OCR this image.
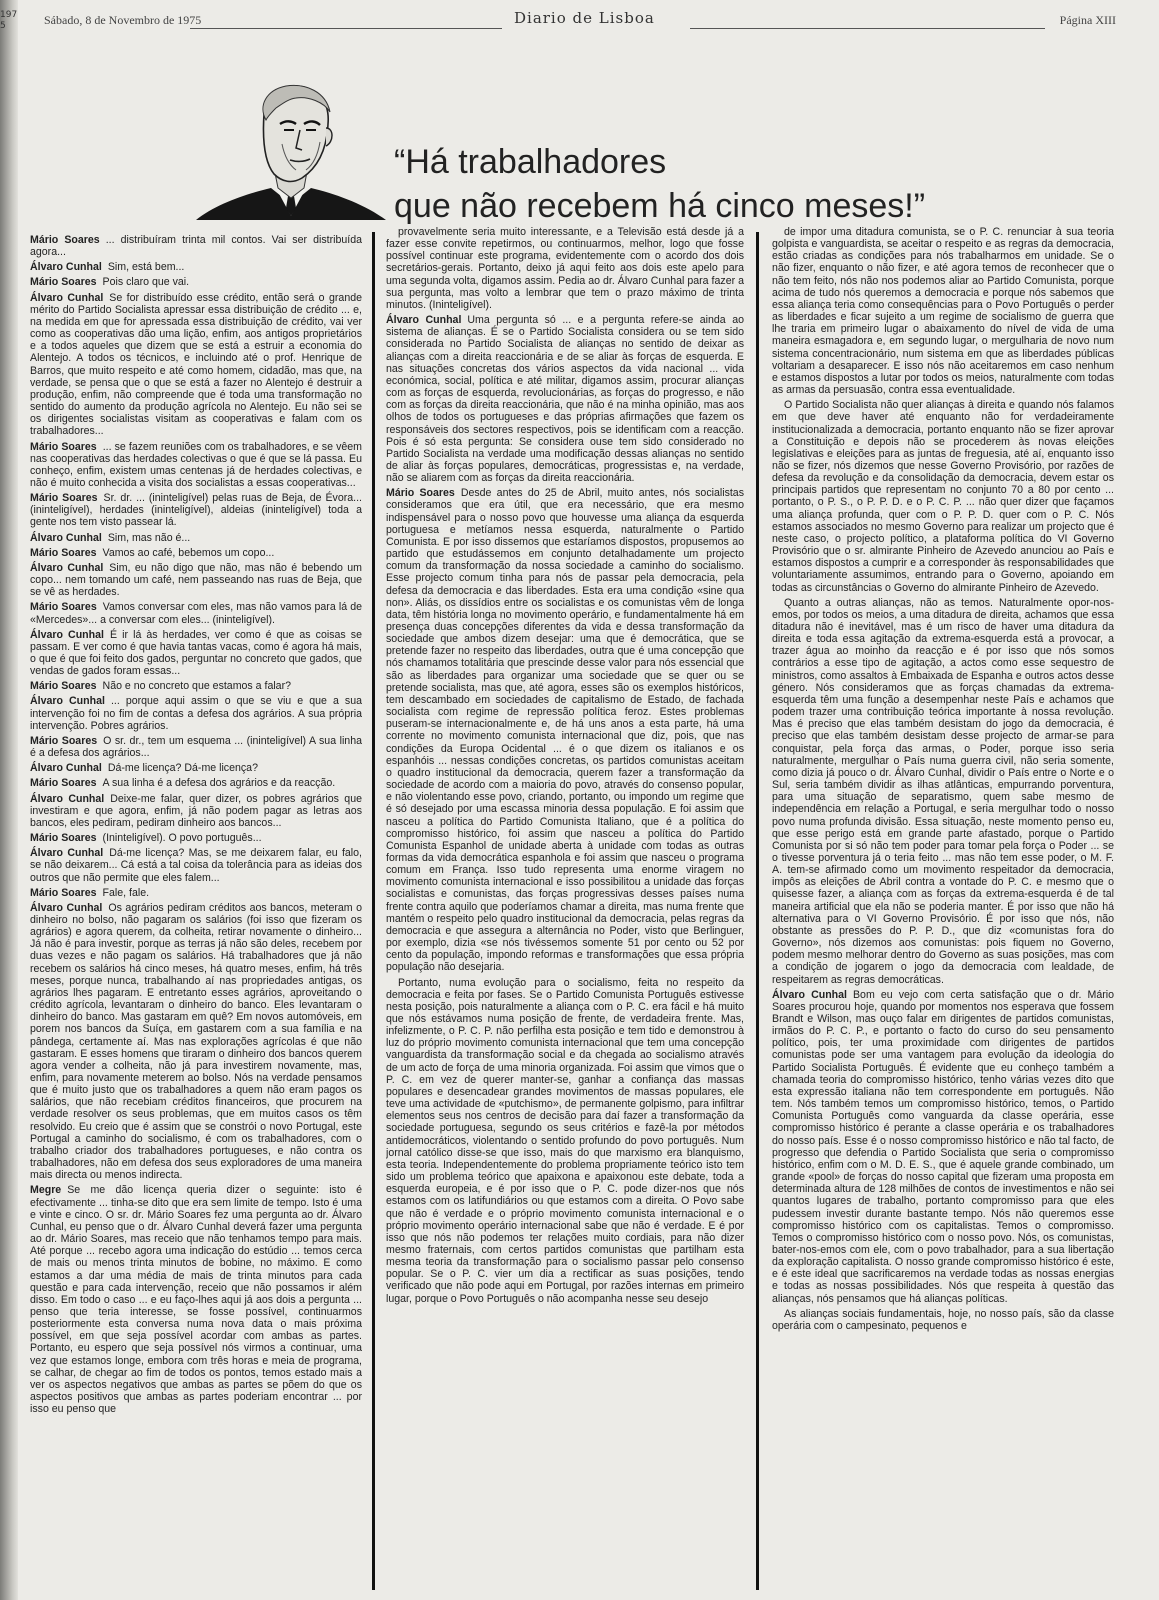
1975	Sábado, 8 de Novembro de 1975	Diario de Lisboa	Página XIII
“Há trabalhadores
que não recebem há cinco meses!”

Mário Soares ... distribuíram trinta mil contos. Vai ser distribuída agora...

Álvaro Cunhal Sim, está bem...

Mário Soares Pois claro que vai.

Álvaro Cunhal Se for distribuído esse crédito, então será o grande mérito do Partido Socialista apressar essa distribuição de crédito ... e, na medida em que for apressada essa distribuição de crédito, vai ver como as cooperativas dão uma lição, enfim, aos antigos proprietários e a todos aqueles que dizem que se está a estruir a economia do Alentejo. A todos os técnicos, e incluindo até o prof. Henrique de Barros, que muito respeito e até como homem, cidadão, mas que, na verdade, se pensa que o que se está a fazer no Alentejo é destruir a produção, enfim, não compreende que é toda uma transformação no sentido do aumento da produção agrícola no Alentejo. Eu não sei se os dirigentes socialistas visitam as cooperativas e falam com os trabalhadores...

Mário Soares ... se fazem reuniões com os trabalhadores, e se vêem nas cooperativas das herdades colectivas o que é que se lá passa. Eu conheço, enfim, existem umas centenas já de herdades colectivas, e não é muito conhecida a visita dos socialistas a essas cooperativas...

Mário Soares Sr. dr. ... (ininteligível) pelas ruas de Beja, de Évora... (ininteligível), herdades (ininteligível), aldeias (ininteligível) toda a gente nos tem visto passear lá.

Álvaro Cunhal Sim, mas não é...

Mário Soares Vamos ao café, bebemos um copo...

Álvaro Cunhal Sim, eu não digo que não, mas não é bebendo um copo... nem tomando um café, nem passeando nas ruas de Beja, que se vê as herdades.

Mário Soares Vamos conversar com eles, mas não vamos para lá de «Mercedes»... a conversar com eles... (ininteligível).

Álvaro Cunhal É ir lá às herdades, ver como é que as coisas se passam. E ver como é que havia tantas vacas, como é agora há mais, o que é que foi feito dos gados, perguntar no concreto que gados, que vendas de gados foram essas...

Mário Soares Não e no concreto que estamos a falar?

Álvaro Cunhal ... porque aqui assim o que se viu e que a sua intervenção foi no fim de contas a defesa dos agrários. A sua própria intervenção. Pobres agrários.

Mário Soares O sr. dr., tem um esquema ... (ininteligível) A sua linha é a defesa dos agrários...

Álvaro Cunhal Dá-me licença? Dá-me licença?

Mário Soares A sua linha é a defesa dos agrários e da reacção.

Álvaro Cunhal Deixe-me falar, quer dizer, os pobres agrários que investiram e que agora, enfim, já não podem pagar as letras aos bancos, eles pediram, pediram dinheiro aos bancos...

Mário Soares (Ininteligível). O povo português...

Álvaro Cunhal Dá-me licença? Mas, se me deixarem falar, eu falo, se não deixarem... Cá está a tal coisa da tolerância para as ideias dos outros que não permite que eles falem...

Mário Soares Fale, fale.

Álvaro Cunhal Os agrários pediram créditos aos bancos, meteram o dinheiro no bolso, não pagaram os salários (foi isso que fizeram os agrários) e agora querem, da colheita, retirar novamente o dinheiro... Já não é para investir, porque as terras já não são deles, recebem por duas vezes e não pagam os salários. Há trabalhadores que já não recebem os salários há cinco meses, há quatro meses, enfim, há três meses, porque nunca, trabalhando aí nas propriedades antigas, os agrários lhes pagaram. E entretanto esses agrários, aproveitando o crédito agrícola, levantaram o dinheiro do banco. Eles levantaram o dinheiro do banco. Mas gastaram em quê? Em novos automóveis, em porem nos bancos da Suíça, em gastarem com a sua família e na pândega, certamente aí. Mas nas explorações agrícolas é que não gastaram. E esses homens que tiraram o dinheiro dos bancos querem agora vender a colheita, não já para investirem novamente, mas, enfim, para novamente meterem ao bolso. Nós na verdade pensamos que é muito justo que os trabalhadores a quem não eram pagos os salários, que não recebiam créditos financeiros, que procurem na verdade resolver os seus problemas, que em muitos casos os têm resolvido. Eu creio que é assim que se constrói o novo Portugal, este Portugal a caminho do socialismo, é com os trabalhadores, com o trabalho criador dos trabalhadores portugueses, e não contra os trabalhadores, não em defesa dos seus exploradores de uma maneira mais directa ou menos indirecta.

Megre Se me dão licença queria dizer o seguinte: isto é efectivamente ... tinha-se dito que era sem limite de tempo. Isto é uma e vinte e cinco. O sr. dr. Mário Soares fez uma pergunta ao dr. Álvaro Cunhal, eu penso que o dr. Álvaro Cunhal deverá fazer uma pergunta ao dr. Mário Soares, mas receio que não tenhamos tempo para mais. Até porque ... recebo agora uma indicação do estúdio ... temos cerca de mais ou menos trinta minutos de bobine, no máximo. E como estamos a dar uma média de mais de trinta minutos para cada questão e para cada intervenção, receio que não possamos ir além disso. Em todo o caso ... e eu faço-lhes aqui já aos dois a pergunta ... penso que teria interesse, se fosse possível, continuarmos posteriormente esta conversa numa nova data o mais próxima possível, em que seja possível acordar com ambas as partes. Portanto, eu espero que seja possível nós virmos a continuar, uma vez que estamos longe, embora com três horas e meia de programa, se calhar, de chegar ao fim de todos os pontos, temos estado mais a ver os aspectos negativos que ambas as partes se põem do que os aspectos positivos que ambas as partes poderiam encontrar ... por isso eu penso que

provavelmente seria muito interessante, e a Televisão está desde já a fazer esse convite repetirmos, ou continuarmos, melhor, logo que fosse possível continuar este programa, evidentemente com o acordo dos dois secretários-gerais. Portanto, deixo já aqui feito aos dois este apelo para uma segunda volta, digamos assim. Pedia ao dr. Álvaro Cunhal para fazer a sua pergunta, mas volto a lembrar que tem o prazo máximo de trinta minutos. (Ininteligível).

Álvaro Cunhal Uma pergunta só ... e a pergunta refere-se ainda ao sistema de alianças. É se o Partido Socialista considera ou se tem sido considerada no Partido Socialista de alianças no sentido de deixar as alianças com a direita reaccionária e de se aliar às forças de esquerda. E nas situações concretas dos vários aspectos da vida nacional ... vida económica, social, política e até militar, digamos assim, procurar alianças com as forças de esquerda, revolucionárias, as forças do progresso, e não com as forças da direita reaccionária, que não é na minha opinião, mas aos olhos de todos os portugueses e das próprias afirmações que fazem os responsáveis dos sectores respectivos, pois se identificam com a reacção. Pois é só esta pergunta: Se considera ouse tem sido considerado no Partido Socialista na verdade uma modificação dessas alianças no sentido de aliar às forças populares, democráticas, progressistas e, na verdade, não se aliarem com as forças da direita reaccionária.

Mário Soares Desde antes do 25 de Abril, muito antes, nós socialistas consideramos que era útil, que era necessário, que era mesmo indispensável para o nosso povo que houvesse uma aliança da esquerda portuguesa e metíamos nessa esquerda, naturalmente o Partido Comunista. E por isso dissemos que estaríamos dispostos, propusemos ao partido que estudássemos em conjunto detalhadamente um projecto comum da transformação da nossa sociedade a caminho do socialismo. Esse projecto comum tinha para nós de passar pela democracia, pela defesa da democracia e das liberdades. Esta era uma condição «sine qua non». Aliás, os dissídios entre os socialistas e os comunistas vêm de longa data, têm história longa no movimento operário, e fundamentalmente há em presença duas concepções diferentes da vida e dessa transformação da sociedade que ambos dizem desejar: uma que é democrática, que se pretende fazer no respeito das liberdades, outra que é uma concepção que nós chamamos totalitária que prescinde desse valor para nós essencial que são as liberdades para organizar uma sociedade que se quer ou se pretende socialista, mas que, até agora, esses são os exemplos históricos, tem descambado em sociedades de capitalismo de Estado, de fachada socialista com regime de repressão política feroz. Estes problemas puseram-se internacionalmente e, de há uns anos a esta parte, há uma corrente no movimento comunista internacional que diz, pois, que nas condições da Europa Ocidental ... é o que dizem os italianos e os espanhóis ... nessas condições concretas, os partidos comunistas aceitam o quadro institucional da democracia, querem fazer a transformação da sociedade de acordo com a maioria do povo, através do consenso popular, e não violentando esse povo, criando, portanto, ou impondo um regime que é só desejado por uma escassa minoria dessa população. E foi assim que nasceu a política do Partido Comunista Italiano, que é a política do compromisso histórico, foi assim que nasceu a política do Partido Comunista Espanhol de unidade aberta à unidade com todas as outras formas da vida democrática espanhola e foi assim que nasceu o programa comum em França. Isso tudo representa uma enorme viragem no movimento comunista internacional e isso possibilitou a unidade das forças socialistas e comunistas, das forças progressivas desses países numa frente contra aquilo que poderíamos chamar a direita, mas numa frente que mantém o respeito pelo quadro institucional da democracia, pelas regras da democracia e que assegura a alternância no Poder, visto que Berlinguer, por exemplo, dizia «se nós tivéssemos somente 51 por cento ou 52 por cento da população, impondo reformas e transformações que essa própria população não desejaria.

Portanto, numa evolução para o socialismo, feita no respeito da democracia e feita por fases. Se o Partido Comunista Português estivesse nesta posição, pois naturalmente a aliança com o P. C. era fácil e há muito que nós estávamos numa posição de frente, de verdadeira frente. Mas, infelizmente, o P. C. P. não perfilha esta posição e tem tido e demonstrou à luz do próprio movimento comunista internacional que tem uma concepção vanguardista da transformação social e da chegada ao socialismo através de um acto de força de uma minoria organizada. Foi assim que vimos que o P. C. em vez de querer manter-se, ganhar a confiança das massas populares e desencadear grandes movimentos de massas populares, ele teve uma actividade de «putchismo», de permanente golpismo, para infiltrar elementos seus nos centros de decisão para daí fazer a transformação da sociedade portuguesa, segundo os seus critérios e fazê-la por métodos antidemocráticos, violentando o sentido profundo do povo português. Num jornal católico disse-se que isso, mais do que marxismo era blanquismo, esta teoria. Independentemente do problema propriamente teórico isto tem sido um problema teórico que apaixona e apaixonou este debate, toda a esquerda europeia, e é por isso que o P. C. pode dizer-nos que nós estamos com os latifundiários ou que estamos com a direita. O Povo sabe que não é verdade e o próprio movimento comunista internacional e o próprio movimento operário internacional sabe que não é verdade. E é por isso que nós não podemos ter relações muito cordiais, para não dizer mesmo fraternais, com certos partidos comunistas que partilham esta mesma teoria da transformação para o socialismo passar pelo consenso popular. Se o P. C. vier um dia a rectificar as suas posições, tendo verificado que não pode aqui em Portugal, por razões internas em primeiro lugar, porque o Povo Português o não acompanha nesse seu desejo

de impor uma ditadura comunista, se o P. C. renunciar à sua teoria golpista e vanguardista, se aceitar o respeito e as regras da democracia, estão criadas as condições para nós trabalharmos em unidade. Se o não fizer, enquanto o não fizer, e até agora temos de reconhecer que o não tem feito, nós não nos podemos aliar ao Partido Comunista, porque acima de tudo nós queremos a democracia e porque nós sabemos que essa aliança teria como consequências para o Povo Português o perder as liberdades e ficar sujeito a um regime de socialismo de guerra que lhe traria em primeiro lugar o abaixamento do nível de vida de uma maneira esmagadora e, em segundo lugar, o mergulharia de novo num sistema concentracionário, num sistema em que as liberdades públicas voltariam a desaparecer. E isso nós não aceitaremos em caso nenhum e estamos dispostos a lutar por todos os meios, naturalmente com todas as armas da persuasão, contra essa eventualidade.

O Partido Socialista não quer alianças à direita e quando nós falamos em que deve haver até enquanto não for verdadeiramente institucionalizada a democracia, portanto enquanto não se fizer aprovar a Constituição e depois não se procederem às novas eleições legislativas e eleições para as juntas de freguesia, até aí, enquanto isso não se fizer, nós dizemos que nesse Governo Provisório, por razões de defesa da revolução e da consolidação da democracia, devem estar os principais partidos que representam no conjunto 70 a 80 por cento ... portanto, o P. S., o P. P. D. e o P. C. P. ... não quer dizer que façamos uma aliança profunda, quer com o P. P. D. quer com o P. C. Nós estamos associados no mesmo Governo para realizar um projecto que é neste caso, o projecto político, a plataforma política do VI Governo Provisório que o sr. almirante Pinheiro de Azevedo anunciou ao País e estamos dispostos a cumprir e a corresponder às responsabilidades que voluntariamente assumimos, entrando para o Governo, apoiando em todas as circunstâncias o Governo do almirante Pinheiro de Azevedo.

Quanto a outras alianças, não as temos. Naturalmente opor-nos-emos, por todos os meios, a uma ditadura de direita, achamos que essa ditadura não é inevitável, mas é um risco de haver uma ditadura da direita e toda essa agitação da extrema-esquerda está a provocar, a trazer água ao moinho da reacção e é por isso que nós somos contrários a esse tipo de agitação, a actos como esse sequestro de ministros, como assaltos à Embaixada de Espanha e outros actos desse género. Nós consideramos que as forças chamadas da extrema-esquerda têm uma função a desempenhar neste País e achamos que podem trazer uma contribuição teórica importante à nossa revolução. Mas é preciso que elas também desistam do jogo da democracia, é preciso que elas também desistam desse projecto de armar-se para conquistar, pela força das armas, o Poder, porque isso seria naturalmente, mergulhar o País numa guerra civil, não seria somente, como dizia já pouco o dr. Álvaro Cunhal, dividir o País entre o Norte e o Sul, seria também dividir as ilhas atlânticas, empurrando porventura, para uma situação de separatismo, quem sabe mesmo de independência em relação a Portugal, e seria mergulhar todo o nosso povo numa profunda divisão. Essa situação, neste momento penso eu, que esse perigo está em grande parte afastado, porque o Partido Comunista por si só não tem poder para tomar pela força o Poder ... se o tivesse porventura já o teria feito ... mas não tem esse poder, o M. F. A. tem-se afirmado como um movimento respeitador da democracia, impôs as eleições de Abril contra a vontade do P. C. e mesmo que o quisesse fazer, a aliança com as forças da extrema-esquerda é de tal maneira artificial que ela não se poderia manter. É por isso que não há alternativa para o VI Governo Provisório. É por isso que nós, não obstante as pressões do P. P. D., que diz «comunistas fora do Governo», nós dizemos aos comunistas: pois fiquem no Governo, podem mesmo melhorar dentro do Governo as suas posições, mas com a condição de jogarem o jogo da democracia com lealdade, de respeitarem as regras democráticas.

Álvaro Cunhal Bom eu vejo com certa satisfação que o dr. Mário Soares procurou hoje, quando por momentos nos esperava que fossem Brandt e Wilson, mas ouço falar em dirigentes de partidos comunistas, irmãos do P. C. P., e portanto o facto do curso do seu pensamento político, pois, ter uma proximidade com dirigentes de partidos comunistas pode ser uma vantagem para evolução da ideologia do Partido Socialista Português. É evidente que eu conheço também a chamada teoria do compromisso histórico, tenho várias vezes dito que esta expressão italiana não tem correspondente em português. Não tem. Nós também temos um compromisso histórico, temos, o Partido Comunista Português como vanguarda da classe operária, esse compromisso histórico é perante a classe operária e os trabalhadores do nosso país. Esse é o nosso compromisso histórico e não tal facto, de progresso que defendia o Partido Socialista que seria o compromisso histórico, enfim com o M. D. E. S., que é aquele grande combinado, um grande «pool» de forças do nosso capital que fizeram uma proposta em determinada altura de 128 milhões de contos de investimentos e não sei quantos lugares de trabalho, portanto compromisso para que eles pudessem investir durante bastante tempo. Nós não queremos esse compromisso histórico com os capitalistas. Temos o compromisso. Temos o compromisso histórico com o nosso povo. Nós, os comunistas, bater-nos-emos com ele, com o povo trabalhador, para a sua libertação da exploração capitalista. O nosso grande compromisso histórico é este, e é este ideal que sacrificaremos na verdade todas as nossas energias e todas as nossas possibilidades. Nós que respeita à questão das alianças, nós pensamos que há alianças políticas.

As alianças sociais fundamentais, hoje, no nosso país, são da classe operária com o campesinato, pequenos e
